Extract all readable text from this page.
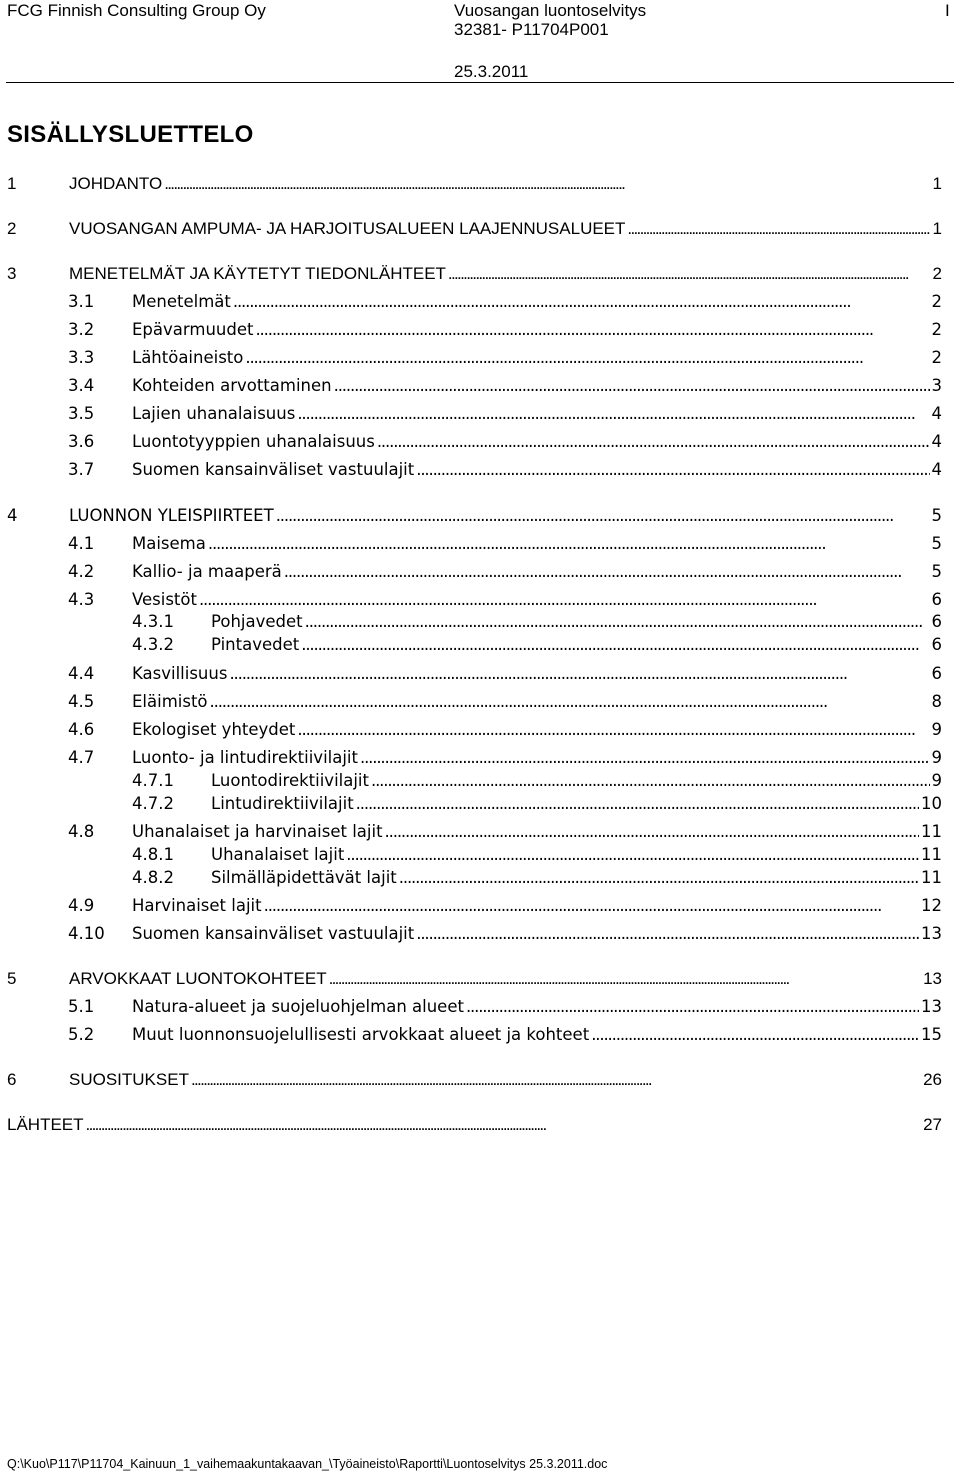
FCG Finnish Consulting Group Oy	Vuosangan luontoselvitys
32381- P11704P001
I
25.3.2011
SISÄLLYSLUETTELO
1	JOHDANTO . . .	1
2	VUOSANGAN AMPUMA- JA HARJOITUSALUEEN LAAJENNUSALUEET . . .	1
3	MENETELMÄT JA KÄYTETYT TIEDONLÄHTEET . . .	2
3.1	Menetelmät . . .	2
3.2	Epävarmuudet . . .	2
3.3	Lähtöaineisto . . .	2
3.4	Kohteiden arvottaminen . . .	3
3.5	Lajien uhanalaisuus . . .	4
3.6	Luontotyyppien uhanalaisuus . . .	4
3.7	Suomen kansainväliset vastuulajit . . .	4
4	LUONNON YLEISPIIRTEET . . .	5
4.1	Maisema . . .	5
4.2	Kallio- ja maaperä . . .	5
4.3	Vesistöt . . .	6
4.3.1	Pohjavedet . . .	6
4.3.2	Pintavedet . . .	6
4.4	Kasvillisuus . . .	6
4.5	Eläimistö . . .	8
4.6	Ekologiset yhteydet . . .	9
4.7	Luonto- ja lintudirektiivilajit . . .	9
4.7.1	Luontodirektiivilajit . . .	9
4.7.2	Lintudirektiivilajit . . .	10
4.8	Uhanalaiset ja harvinaiset lajit . . .	11
4.8.1	Uhanalaiset lajit . . .	11
4.8.2	Silmälläpidettävät lajit . . .	11
4.9	Harvinaiset lajit . . .	12
4.10	Suomen kansainväliset vastuulajit . . .	13
5	ARVOKKAAT LUONTOKOHTEET . . .	13
5.1	Natura-alueet ja suojeluohjelman alueet . . .	13
5.2	Muut luonnonsuojelullisesti arvokkaat alueet ja kohteet . . .	15
6	SUOSITUKSET . . .	26
LÄHTEET . . .	27
Q:\Kuo\P117\P11704_Kainuun_1_vaihemaakuntakaavan_\Työaineisto\Raportti\Luontoselvitys 25.3.2011.doc
